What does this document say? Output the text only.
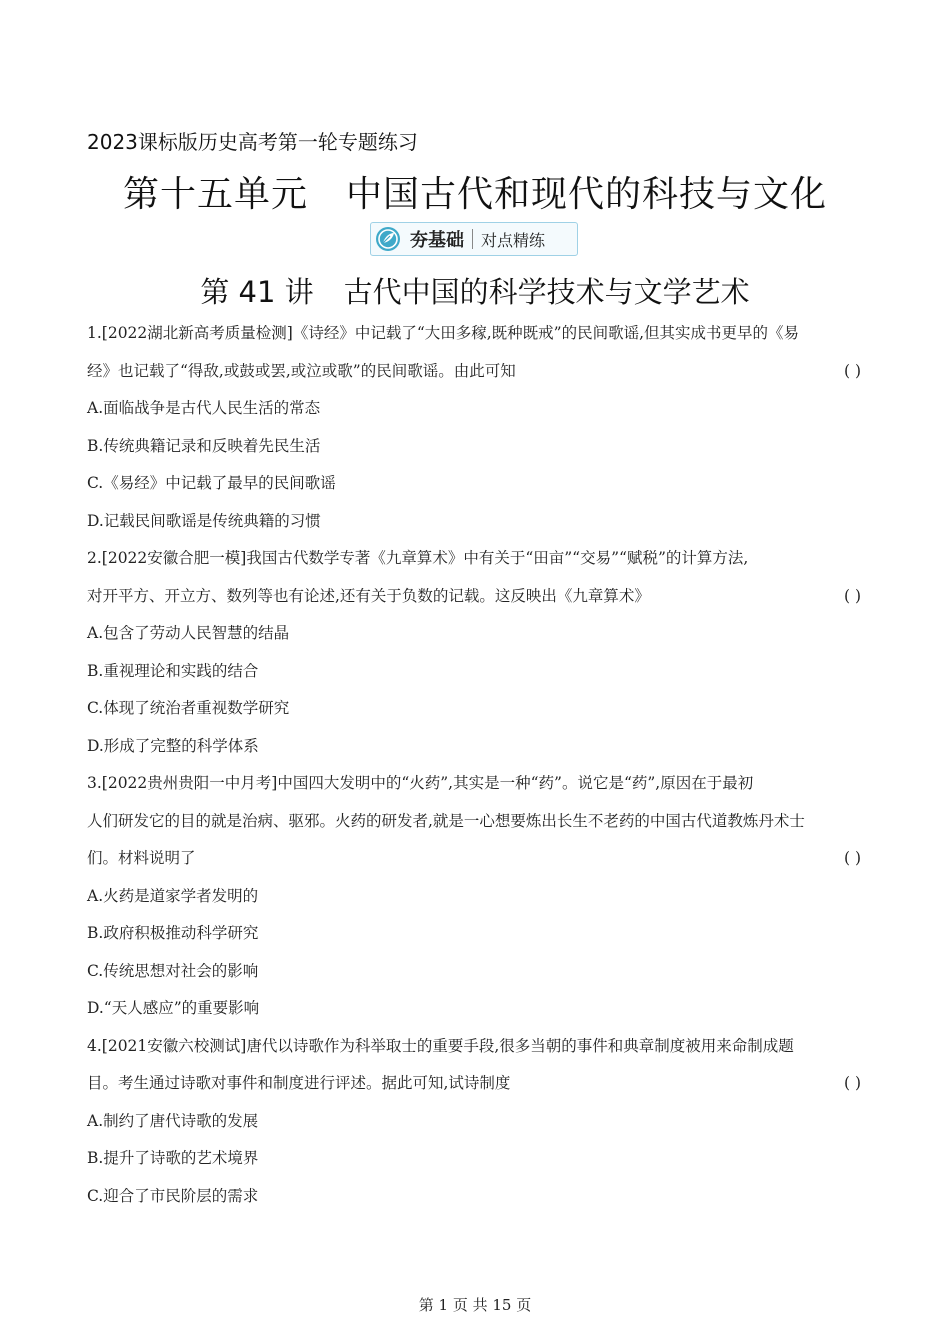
2023课标版历史高考第一轮专题练习
第十五单元 中国古代和现代的科技与文化
夯基础 对点精练
第 41 讲 古代中国的科学技术与文学艺术
1.[2022湖北新高考质量检测]《诗经》中记载了“大田多稼,既种既戒”的民间歌谣,但其实成书更早的《易
经》也记载了“得敌,或鼓或罢,或泣或歌”的民间歌谣。由此可知	( )
A.面临战争是古代人民生活的常态
B.传统典籍记录和反映着先民生活
C.《易经》中记载了最早的民间歌谣
D.记载民间歌谣是传统典籍的习惯
2.[2022安徽合肥一模]我国古代数学专著《九章算术》中有关于“田亩”“交易”“赋税”的计算方法,
对开平方、开立方、数列等也有论述,还有关于负数的记载。这反映出《九章算术》	( )
A.包含了劳动人民智慧的结晶
B.重视理论和实践的结合
C.体现了统治者重视数学研究
D.形成了完整的科学体系
3.[2022贵州贵阳一中月考]中国四大发明中的“火药”,其实是一种“药”。说它是“药”,原因在于最初
人们研发它的目的就是治病、驱邪。火药的研发者,就是一心想要炼出长生不老药的中国古代道教炼丹术士
们。材料说明了	( )
A.火药是道家学者发明的
B.政府积极推动科学研究
C.传统思想对社会的影响
D.“天人感应”的重要影响
4.[2021安徽六校测试]唐代以诗歌作为科举取士的重要手段,很多当朝的事件和典章制度被用来命制成题
目。考生通过诗歌对事件和制度进行评述。据此可知,试诗制度	( )
A.制约了唐代诗歌的发展
B.提升了诗歌的艺术境界
C.迎合了市民阶层的需求
第 1 页 共 15 页
